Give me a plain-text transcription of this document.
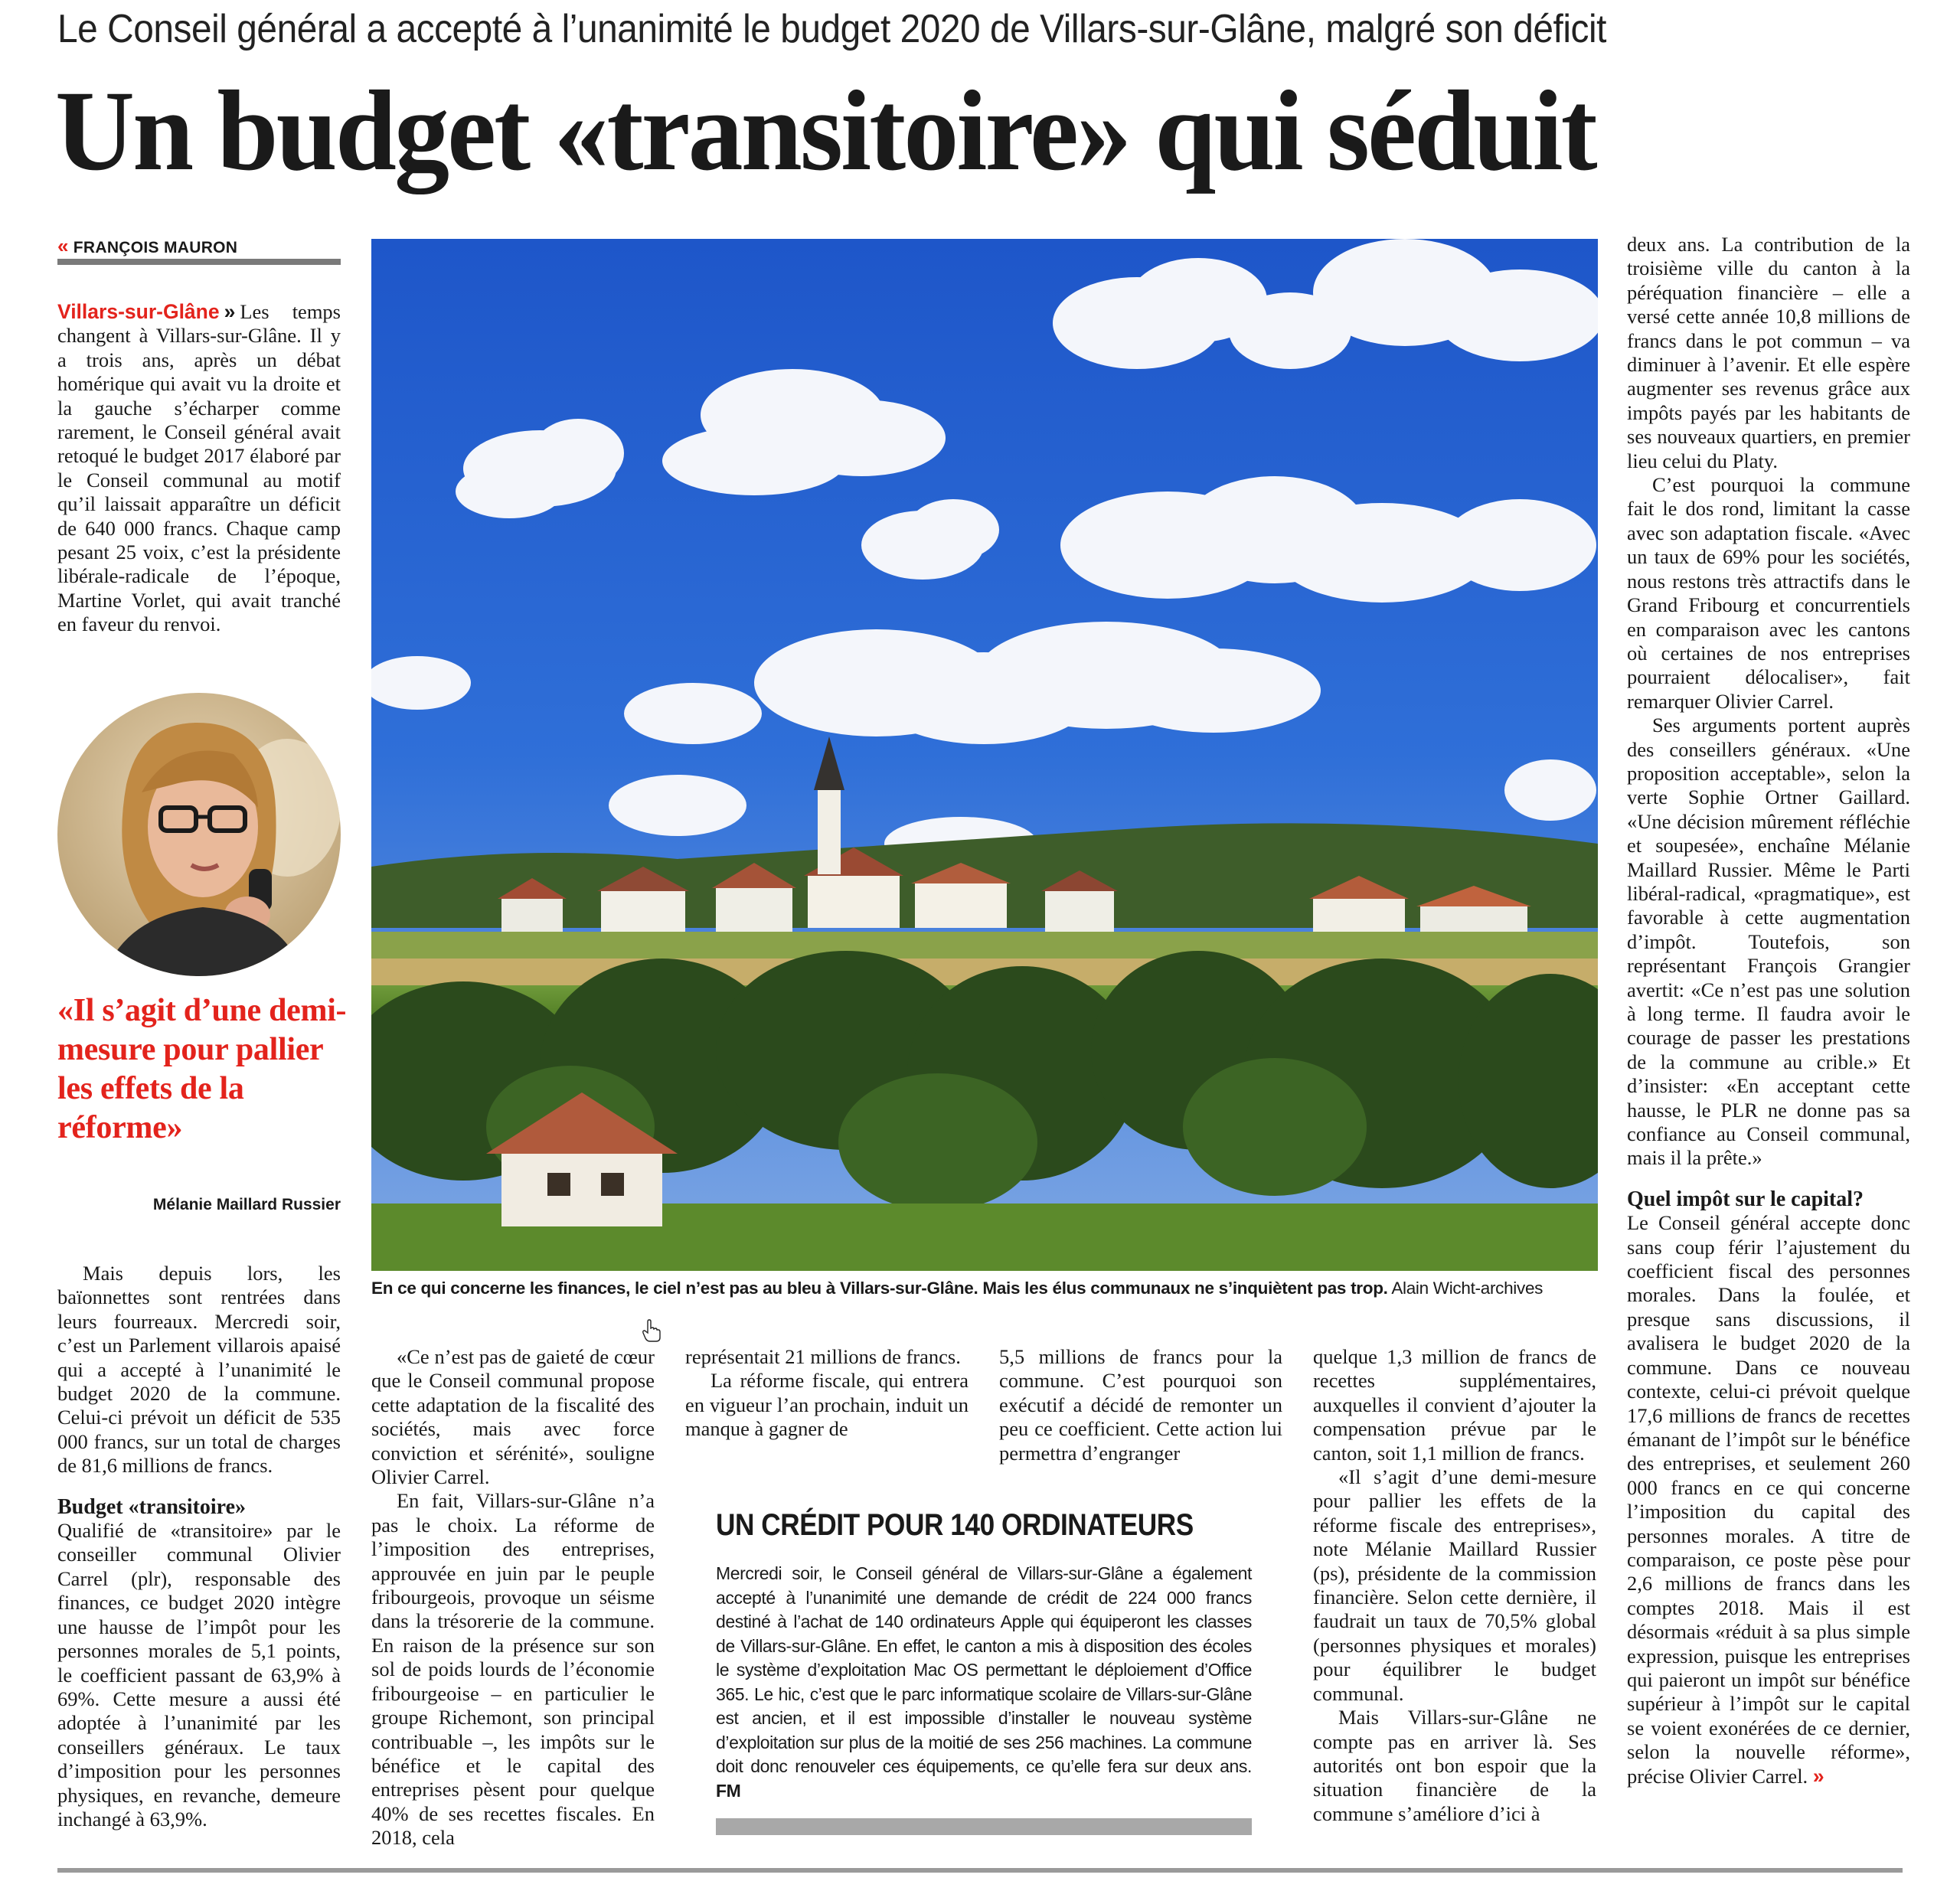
Le Conseil général a accepté à l’unanimité le budget 2020 de Villars-sur-Glâne, malgré son déficit
Un budget «transitoire» qui séduit
« FRANÇOIS MAURON

Villars-sur-Glâne » Les temps changent à Villars-sur-Glâne. Il y a trois ans, après un débat homérique qui avait vu la droite et la gauche s’écharper comme rarement, le Conseil général avait retoqué le budget 2017 élaboré par le Conseil communal au motif qu’il laissait apparaître un déficit de 640 000 francs. Chaque camp pesant 25 voix, c’est la présidente libérale-radicale de l’époque, Martine Vorlet, qui avait tranché en faveur du renvoi.

«Il s’agit d’une demi-mesure pour pallier les effets de la réforme»
Mélanie Maillard Russier

Mais depuis lors, les baïonnettes sont rentrées dans leurs fourreaux. Mercredi soir, c’est un Parlement villarois apaisé qui a accepté à l’unanimité le budget 2020 de la commune. Celui-ci prévoit un déficit de 535 000 francs, sur un total de charges de 81,6 millions de francs.

Budget «transitoire»

Qualifié de «transitoire» par le conseiller communal Olivier Carrel (plr), responsable des finances, ce budget 2020 intègre une hausse de l’impôt pour les personnes morales de 5,1 points, le coefficient passant de 63,9% à 69%. Cette mesure a aussi été adoptée à l’unanimité par les conseillers généraux. Le taux d’imposition pour les personnes physiques, en revanche, demeure inchangé à 63,9%.

En ce qui concerne les finances, le ciel n’est pas au bleu à Villars-sur-Glâne. Mais les élus communaux ne s’inquiètent pas trop. Alain Wicht-archives

«Ce n’est pas de gaieté de cœur que le Conseil communal propose cette adaptation de la fiscalité des sociétés, mais avec force conviction et sérénité», souligne Olivier Carrel.

En fait, Villars-sur-Glâne n’a pas le choix. La réforme de l’imposition des entreprises, approuvée en juin par le peuple fribourgeois, provoque un séisme dans la trésorerie de la commune. En raison de la présence sur son sol de poids lourds de l’économie fribourgeoise – en particulier le groupe Richemont, son principal contribuable –, les impôts sur le bénéfice et le capital des entreprises pèsent pour quelque 40% de ses recettes fiscales. En 2018, cela

représentait 21 millions de francs.

La réforme fiscale, qui entrera en vigueur l’an prochain, induit un manque à gagner de

5,5 millions de francs pour la commune. C’est pourquoi son exécutif a décidé de remonter un peu ce coefficient. Cette action lui permettra d’engranger

UN CRÉDIT POUR 140 ORDINATEURS
Mercredi soir, le Conseil général de Villars-sur-Glâne a également accepté à l’unanimité une demande de crédit de 224 000 francs destiné à l’achat de 140 ordinateurs Apple qui équiperont les classes de Villars-sur-Glâne. En effet, le canton a mis à disposition des écoles le système d’exploitation Mac OS permettant le déploiement d’Office 365. Le hic, c’est que le parc informatique scolaire de Villars-sur-Glâne est ancien, et il est impossible d’installer le nouveau système d’exploitation sur plus de la moitié de ses 256 machines. La commune doit donc renouveler ces équipements, ce qu’elle fera sur deux ans. FM

quelque 1,3 million de francs de recettes supplémentaires, auxquelles il convient d’ajouter la compensation prévue par le canton, soit 1,1 million de francs.

«Il s’agit d’une demi-mesure pour pallier les effets de la réforme fiscale des entreprises», note Mélanie Maillard Russier (ps), présidente de la commission financière. Selon cette dernière, il faudrait un taux de 70,5% global (personnes physiques et morales) pour équilibrer le budget communal.

Mais Villars-sur-Glâne ne compte pas en arriver là. Ses autorités ont bon espoir que la situation financière de la commune s’améliore d’ici à

deux ans. La contribution de la troisième ville du canton à la péréquation financière – elle a versé cette année 10,8 millions de francs dans le pot commun – va diminuer à l’avenir. Et elle espère augmenter ses revenus grâce aux impôts payés par les habitants de ses nouveaux quartiers, en premier lieu celui du Platy.

C’est pourquoi la commune fait le dos rond, limitant la casse avec son adaptation fiscale. «Avec un taux de 69% pour les sociétés, nous restons très attractifs dans le Grand Fribourg et concurrentiels en comparaison avec les cantons où certaines de nos entreprises pourraient délocaliser», fait remarquer Olivier Carrel.

Ses arguments portent auprès des conseillers généraux. «Une proposition acceptable», selon la verte Sophie Ortner Gaillard. «Une décision mûrement réfléchie et soupesée», enchaîne Mélanie Maillard Russier. Même le Parti libéral-radical, «pragmatique», est favorable à cette augmentation d’impôt. Toutefois, son représentant François Grangier avertit: «Ce n’est pas une solution à long terme. Il faudra avoir le courage de passer les prestations de la commune au crible.» Et d’insister: «En acceptant cette hausse, le PLR ne donne pas sa confiance au Conseil communal, mais il la prête.»

Quel impôt sur le capital?

Le Conseil général accepte donc sans coup férir l’ajustement du coefficient fiscal des personnes morales. Dans la foulée, et presque sans discussions, il avalisera le budget 2020 de la commune. Dans ce nouveau contexte, celui-ci prévoit quelque 17,6 millions de francs de recettes émanant de l’impôt sur le bénéfice des entreprises, et seulement 260 000 francs en ce qui concerne l’imposition du capital des personnes morales. A titre de comparaison, ce poste pèse pour 2,6 millions de francs dans les comptes 2018. Mais il est désormais «réduit à sa plus simple expression, puisque les entreprises qui paieront un impôt sur bénéfice supérieur à l’impôt sur le capital se voient exonérées de ce dernier, selon la nouvelle réforme», précise Olivier Carrel. »
